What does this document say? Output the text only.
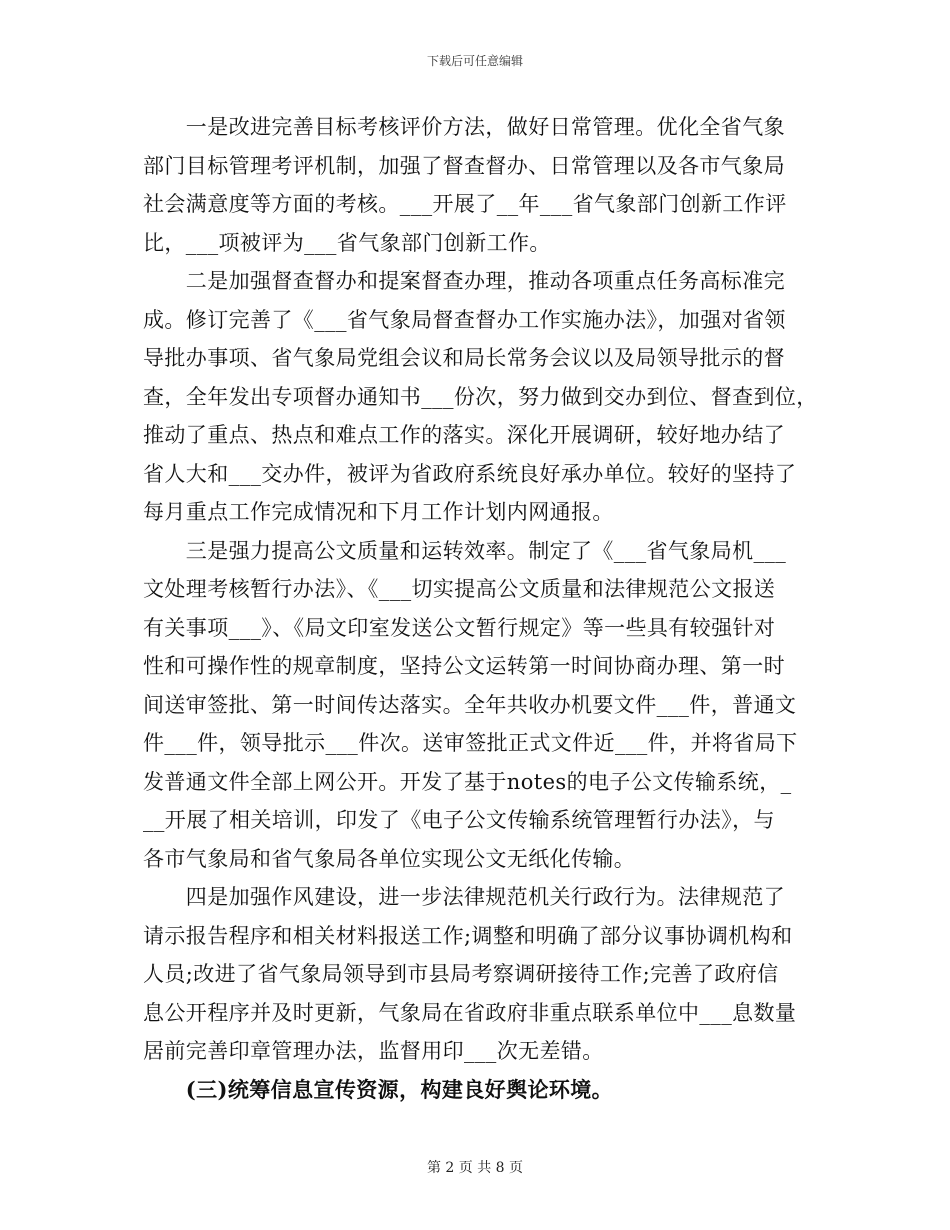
下载后可任意编辑
　　一是改进完善目标考核评价方法，做好日常管理。优化全省气象
部门目标管理考评机制，加强了督查督办、日常管理以及各市气象局
社会满意度等方面的考核。___开展了__年___省气象部门创新工作评
比，___项被评为___省气象部门创新工作。
　　二是加强督查督办和提案督查办理，推动各项重点任务高标准完
成。修订完善了《___省气象局督查督办工作实施办法》，加强对省领
导批办事项、省气象局党组会议和局长常务会议以及局领导批示的督
查，全年发出专项督办通知书___份次，努力做到交办到位、督查到位，
推动了重点、热点和难点工作的落实。深化开展调研，较好地办结了
省人大和___交办件，被评为省政府系统良好承办单位。较好的坚持了
每月重点工作完成情况和下月工作计划内网通报。
　　三是强力提高公文质量和运转效率。制定了《___省气象局机___
文处理考核暂行办法》、《___切实提高公文质量和法律规范公文报送
有关事项___》、《局文印室发送公文暂行规定》等一些具有较强针对
性和可操作性的规章制度，坚持公文运转第一时间协商办理、第一时
间送审签批、第一时间传达落实。全年共收办机要文件___件，普通文
件___件，领导批示___件次。送审签批正式文件近___件，并将省局下
发普通文件全部上网公开。开发了基于notes的电子公文传输系统，_
__开展了相关培训，印发了《电子公文传输系统管理暂行办法》，与
各市气象局和省气象局各单位实现公文无纸化传输。
　　四是加强作风建设，进一步法律规范机关行政行为。法律规范了
请示报告程序和相关材料报送工作;调整和明确了部分议事协调机构和
人员;改进了省气象局领导到市县局考察调研接待工作;完善了政府信
息公开程序并及时更新，气象局在省政府非重点联系单位中___息数量
居前完善印章管理办法，监督用印___次无差错。
　　(三)统筹信息宣传资源，构建良好舆论环境。
第 2 页 共 8 页
